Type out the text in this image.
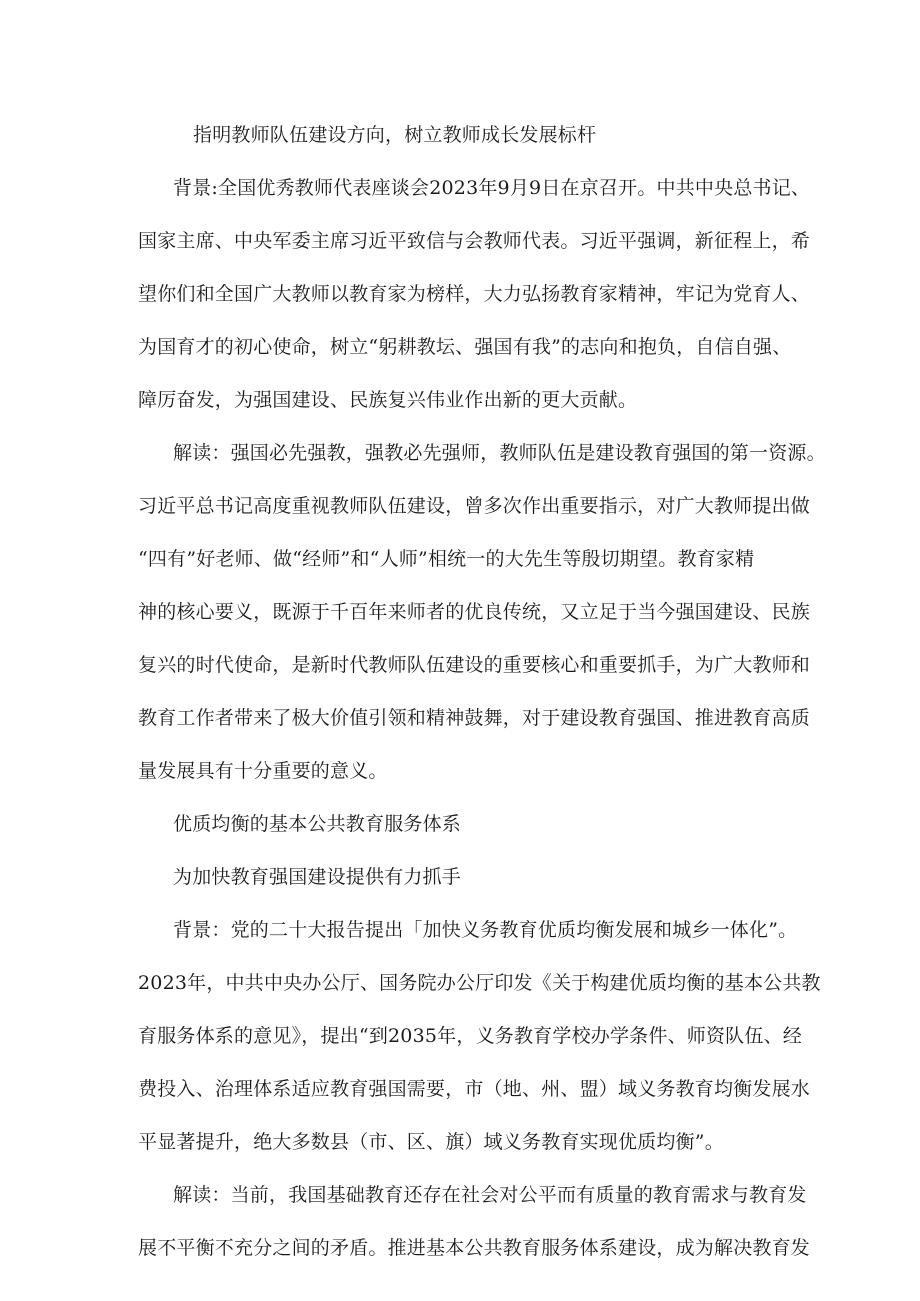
指明教师队伍建设方向，树立教师成长发展标杆

背景:全国优秀教师代表座谈会2023年9月9日在京召开。中共中央总书记、

国家主席、中央军委主席习近平致信与会教师代表。习近平强调，新征程上，希

望你们和全国广大教师以教育家为榜样，大力弘扬教育家精神，牢记为党育人、

为国育才的初心使命，树立“躬耕教坛、强国有我”的志向和抱负，自信自强、

障厉奋发，为强国建设、民族复兴伟业作出新的更大贡献。

解读：强国必先强教，强教必先强师，教师队伍是建设教育强国的第一资源。

习近平总书记高度重视教师队伍建设，曾多次作出重要指示，对广大教师提出做

“四有”好老师、做“经师”和“人师”相统一的大先生等殷切期望。教育家精

神的核心要义，既源于千百年来师者的优良传统，又立足于当今强国建设、民族

复兴的时代使命，是新时代教师队伍建设的重要核心和重要抓手，为广大教师和

教育工作者带来了极大价值引领和精神鼓舞，对于建设教育强国、推进教育高质

量发展具有十分重要的意义。

优质均衡的基本公共教育服务体系

为加快教育强国建设提供有力抓手

背景：党的二十大报告提出「加快义务教育优质均衡发展和城乡一体化”。

2023年，中共中央办公厅、国务院办公厅印发《关于构建优质均衡的基本公共教

育服务体系的意见》，提出“到2035年，义务教育学校办学条件、师资队伍、经

费投入、治理体系适应教育强国需要，市（地、州、盟）域义务教育均衡发展水

平显著提升，绝大多数县（市、区、旗）域义务教育实现优质均衡”。

解读：当前，我国基础教育还存在社会对公平而有质量的教育需求与教育发

展不平衡不充分之间的矛盾。推进基本公共教育服务体系建设，成为解决教育发
